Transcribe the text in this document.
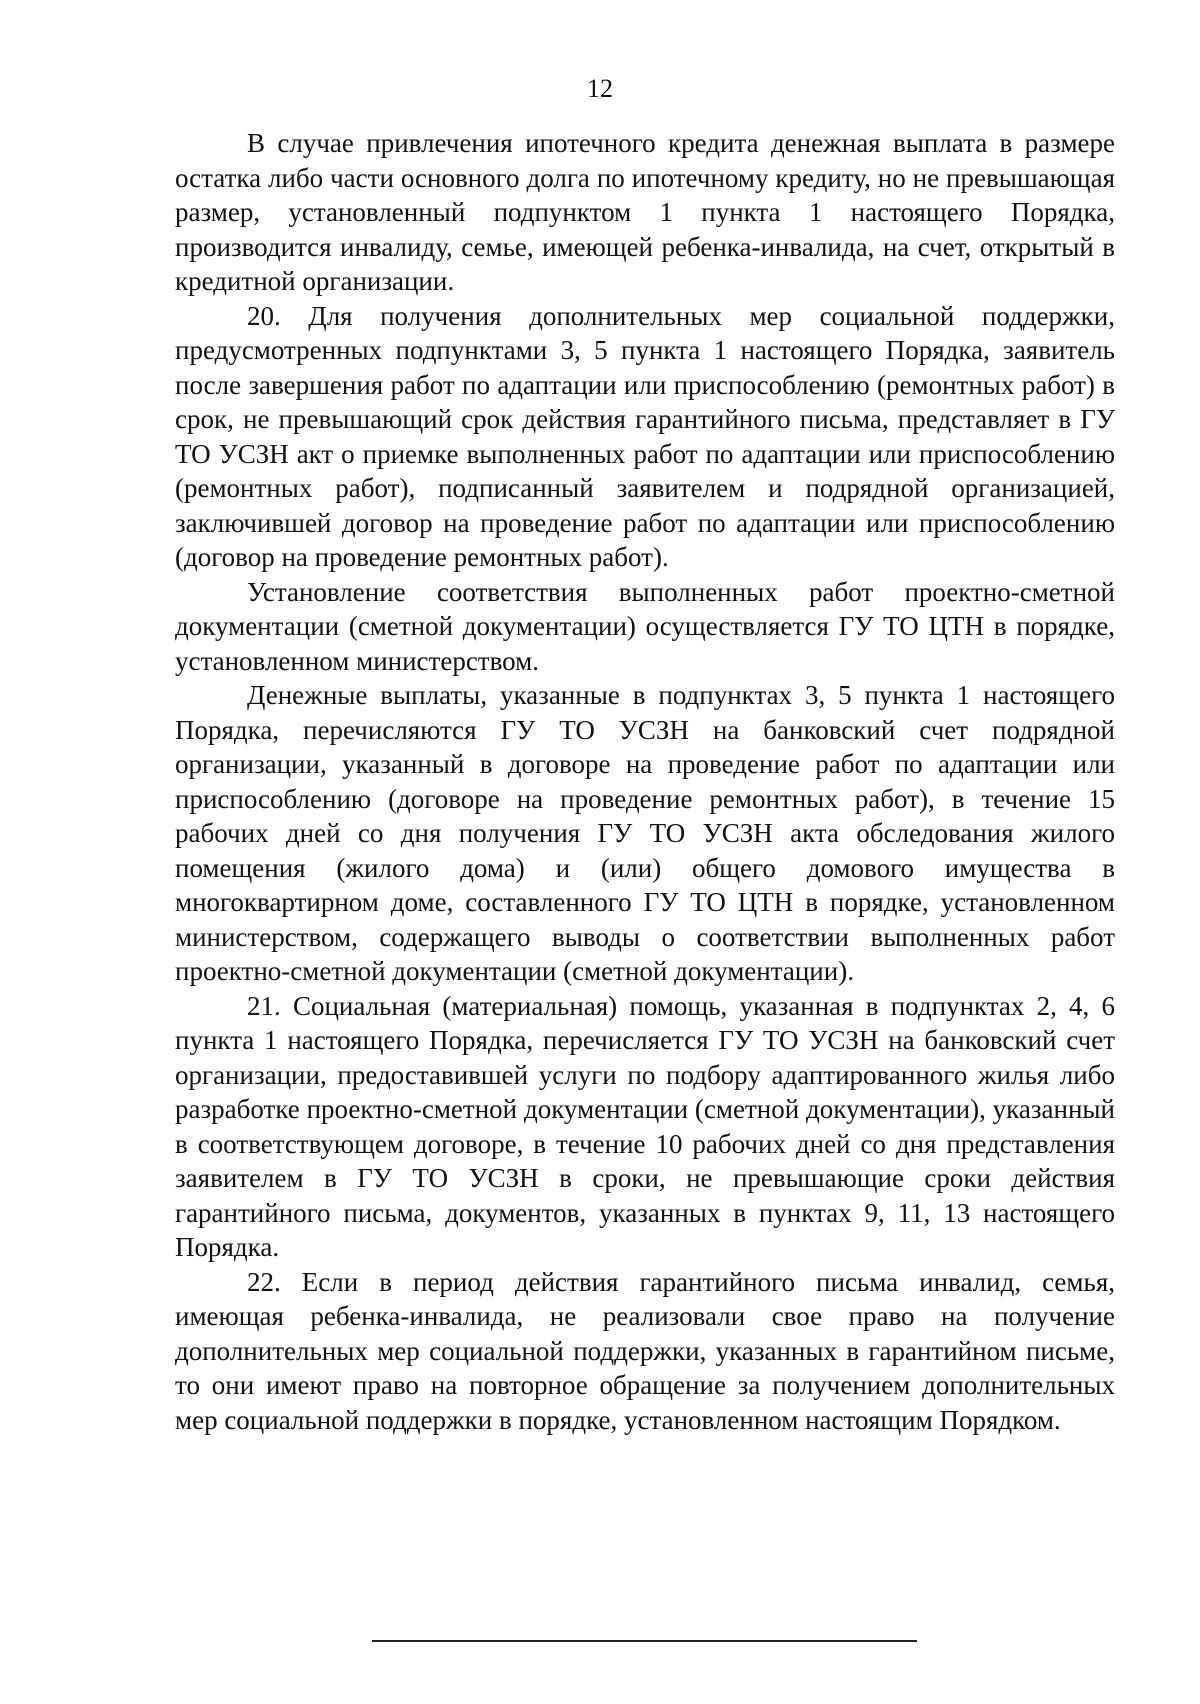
12

В случае привлечения ипотечного кредита денежная выплата в размере остатка либо части основного долга по ипотечному кредиту, но не превышающая размер, установленный подпунктом 1 пункта 1 настоящего Порядка, производится инвалиду, семье, имеющей ребенка-инвалида, на счет, открытый в кредитной организации.

20. Для получения дополнительных мер социальной поддержки, предусмотренных подпунктами 3, 5 пункта 1 настоящего Порядка, заявитель после завершения работ по адаптации или приспособлению (ремонтных работ) в срок, не превышающий срок действия гарантийного письма, представляет в ГУ ТО УСЗН акт о приемке выполненных работ по адаптации или приспособлению (ремонтных работ), подписанный заявителем и подрядной организацией, заключившей договор на проведение работ по адаптации или приспособлению (договор на проведение ремонтных работ).

Установление соответствия выполненных работ проектно-сметной документации (сметной документации) осуществляется ГУ ТО ЦТН в порядке, установленном министерством.

Денежные выплаты, указанные в подпунктах 3, 5 пункта 1 настоящего Порядка, перечисляются ГУ ТО УСЗН на банковский счет подрядной организации, указанный в договоре на проведение работ по адаптации или приспособлению (договоре на проведение ремонтных работ), в течение 15 рабочих дней со дня получения ГУ ТО УСЗН акта обследования жилого помещения (жилого дома) и (или) общего домового имущества в многоквартирном доме, составленного ГУ ТО ЦТН в порядке, установленном министерством, содержащего выводы о соответствии выполненных работ проектно-сметной документации (сметной документации).

21. Социальная (материальная) помощь, указанная в подпунктах 2, 4, 6 пункта 1 настоящего Порядка, перечисляется ГУ ТО УСЗН на банковский счет организации, предоставившей услуги по подбору адаптированного жилья либо разработке проектно-сметной документации (сметной документации), указанный в соответствующем договоре, в течение 10 рабочих дней со дня представления заявителем в ГУ ТО УСЗН в сроки, не превышающие сроки действия гарантийного письма, документов, указанных в пунктах 9, 11, 13 настоящего Порядка.

22. Если в период действия гарантийного письма инвалид, семья, имеющая ребенка-инвалида, не реализовали свое право на получение дополнительных мер социальной поддержки, указанных в гарантийном письме, то они имеют право на повторное обращение за получением дополнительных мер социальной поддержки в порядке, установленном настоящим Порядком.
